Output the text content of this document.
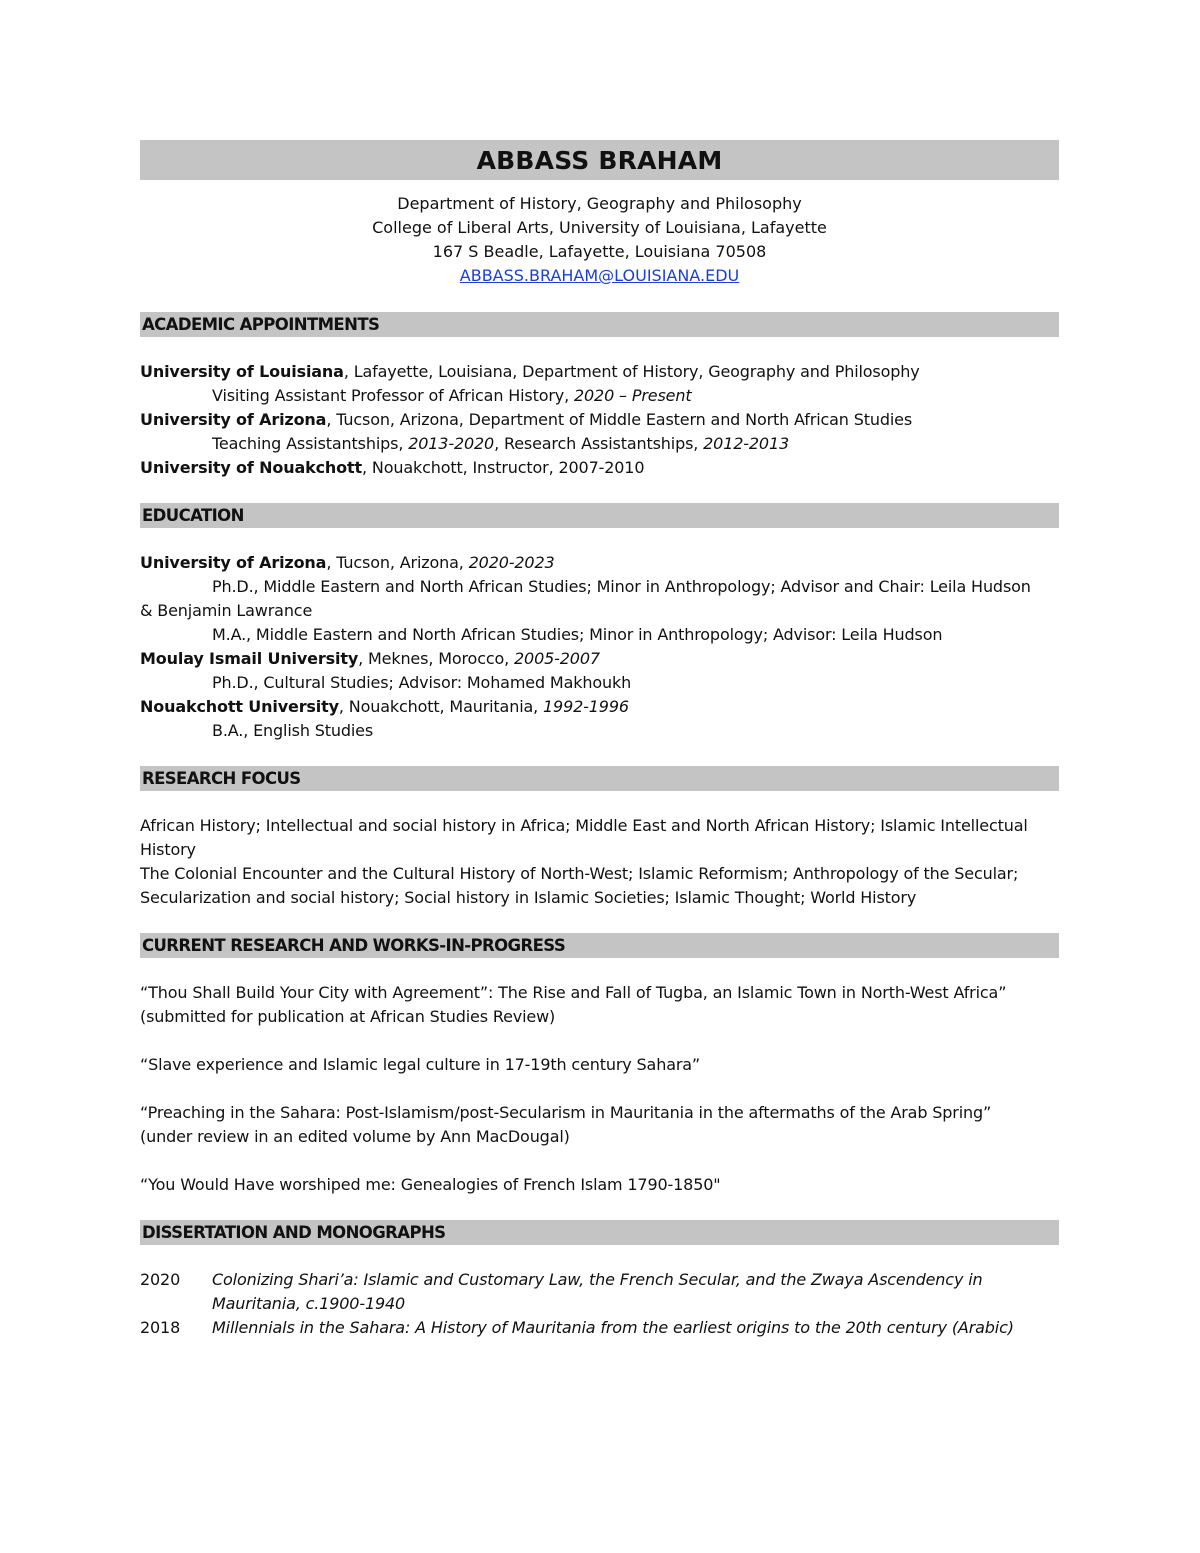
ABBASS BRAHAM
Department of History, Geography and Philosophy
College of Liberal Arts, University of Louisiana, Lafayette
167 S Beadle, Lafayette, Louisiana 70508
ABBASS.BRAHAM@LOUISIANA.EDU
ACADEMIC APPOINTMENTS
University of Louisiana, Lafayette, Louisiana, Department of History, Geography and Philosophy
Visiting Assistant Professor of African History, 2020 – Present
University of Arizona, Tucson, Arizona, Department of Middle Eastern and North African Studies
Teaching Assistantships, 2013-2020, Research Assistantships, 2012-2013
University of Nouakchott, Nouakchott, Instructor, 2007-2010
EDUCATION
University of Arizona, Tucson, Arizona, 2020-2023
Ph.D., Middle Eastern and North African Studies; Minor in Anthropology; Advisor and Chair: Leila Hudson
& Benjamin Lawrance
M.A., Middle Eastern and North African Studies; Minor in Anthropology; Advisor: Leila Hudson
Moulay Ismail University, Meknes, Morocco, 2005-2007
Ph.D., Cultural Studies; Advisor: Mohamed Makhoukh
Nouakchott University, Nouakchott, Mauritania, 1992-1996
B.A., English Studies
RESEARCH FOCUS
African History; Intellectual and social history in Africa; Middle East and North African History; Islamic Intellectual
History
The Colonial Encounter and the Cultural History of North-West; Islamic Reformism; Anthropology of the Secular;
Secularization and social history; Social history in Islamic Societies; Islamic Thought; World History
CURRENT RESEARCH AND WORKS-IN-PROGRESS
“Thou Shall Build Your City with Agreement”: The Rise and Fall of Tugba, an Islamic Town in North-West Africa”
(submitted for publication at African Studies Review)
“Slave experience and Islamic legal culture in 17-19th century Sahara”
“Preaching in the Sahara: Post-Islamism/post-Secularism in Mauritania in the aftermaths of the Arab Spring”
(under review in an edited volume by Ann MacDougal)
“You Would Have worshiped me: Genealogies of French Islam 1790-1850"
DISSERTATION AND MONOGRAPHS
2020	Colonizing Shari’a: Islamic and Customary Law, the French Secular, and the Zwaya Ascendency in
Mauritania, c.1900-1940
2018	Millennials in the Sahara: A History of Mauritania from the earliest origins to the 20th century (Arabic)
